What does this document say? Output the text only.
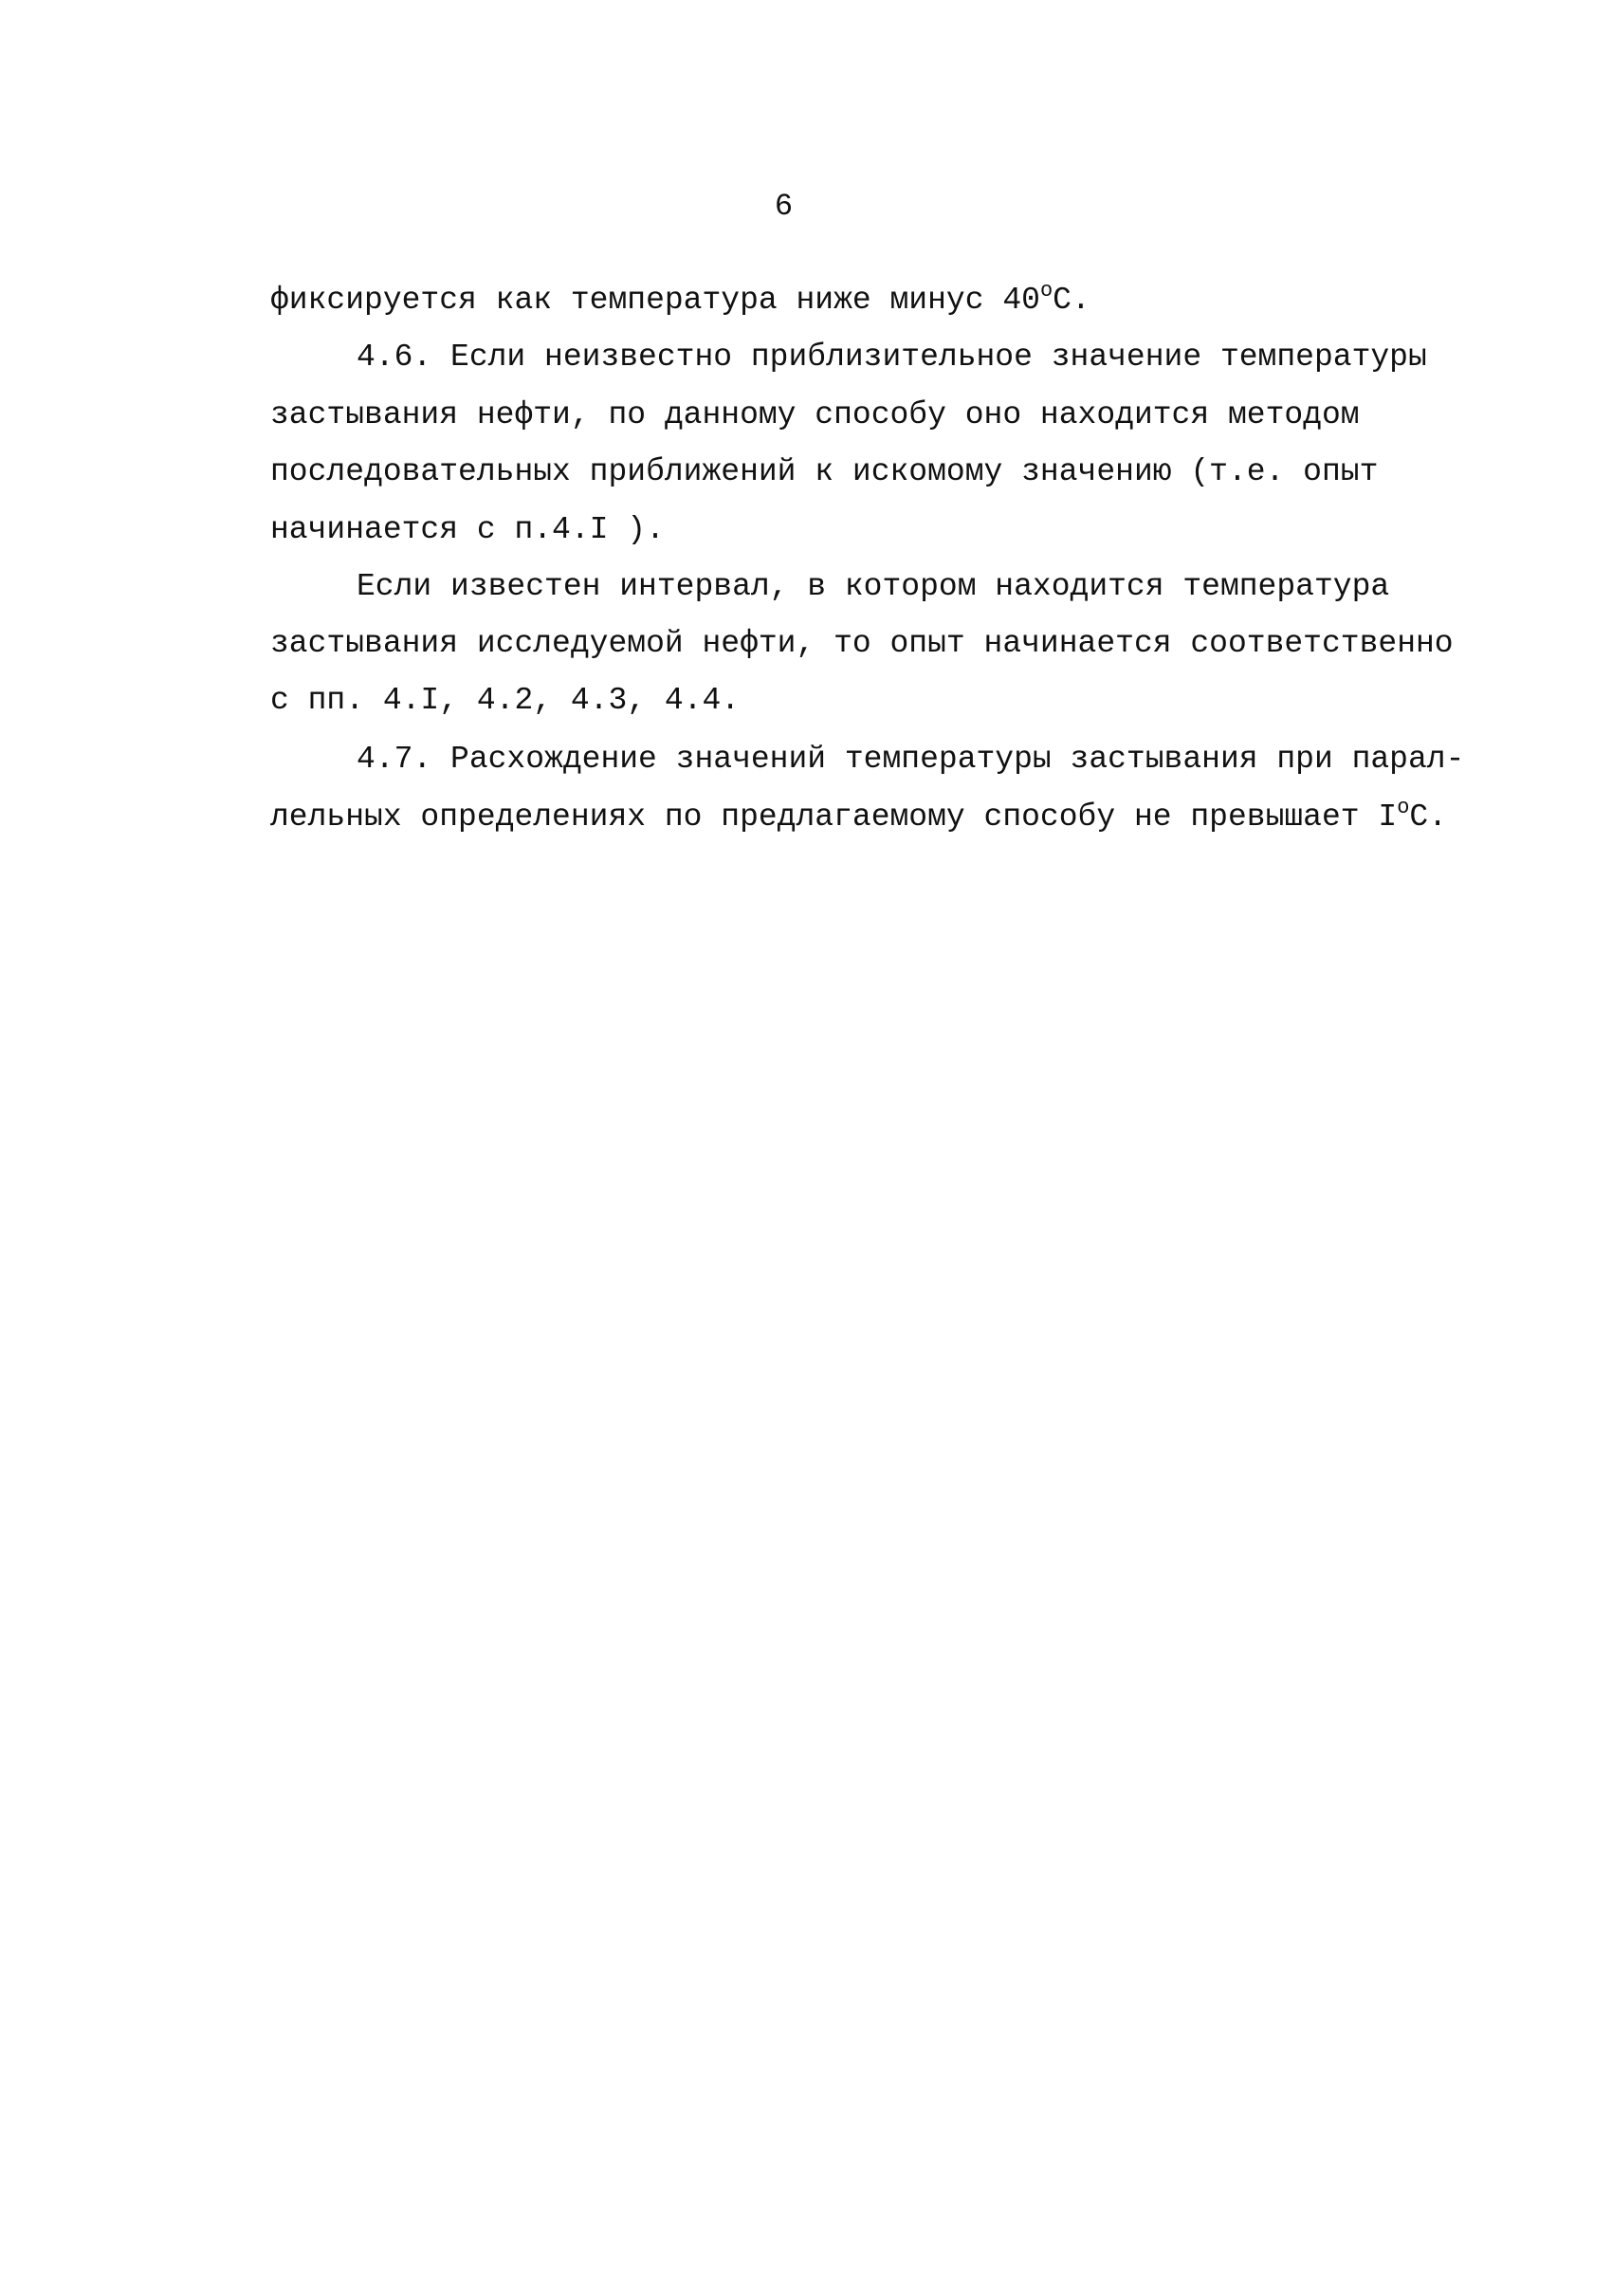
6
фиксируется как температура ниже минус 40$^o$C.
4.6. Если неизвестно приблизительное значение температуры
застывания нефти, по данному способу оно находится методом
последовательных приближений к искомому значению (т.е. опыт
начинается с п.4.I ).
Если известен интервал, в котором находится температура
застывания исследуемой нефти, то опыт начинается соответственно
с пп. 4.I, 4.2, 4.3, 4.4.
4.7. Расхождение значений температуры застывания при парал-
лельных определениях по предлагаемому способу не превышает $I^oC$.
